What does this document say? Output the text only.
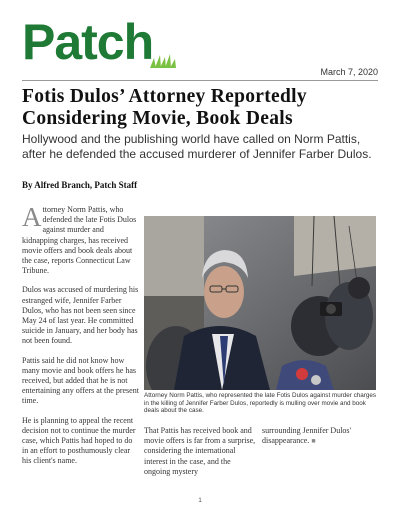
Patch
March 7, 2020
Fotis Dulos’ Attorney Reportedly Considering Movie, Book Deals

Hollywood and the publishing world have called on Norm Pattis, after he defended the accused murderer of Jennifer Farber Dulos.

By Alfred Branch, Patch Staff

Attorney Norm Pattis, who defended the late Fotis Dulos against murder and kidnapping charges, has received movie offers and book deals about the case, reports Connecticut Law Tribune.

Dulos was accused of murdering his estranged wife, Jennifer Farber Dulos, who has not been seen since May 24 of last year. He committed suicide in January, and her body has not been found.

Pattis said he did not know how many movie and book offers he has received, but added that he is not entertaining any offers at the present time.

He is planning to appeal the recent decision not to continue the murder case, which Pattis had hoped to do in an effort to posthumously clear his client's name.

Attorney Norm Pattis, who represented the late Fotis Dulos against murder charges in the killing of Jennifer Farber Dulos, reportedly is mulling over movie and book deals about the case.
That Pattis has received book and movie offers is far from a surprise, considering the international interest in the case, and the ongoing mystery
surrounding Jennifer Dulos' disappearance. ■
1
